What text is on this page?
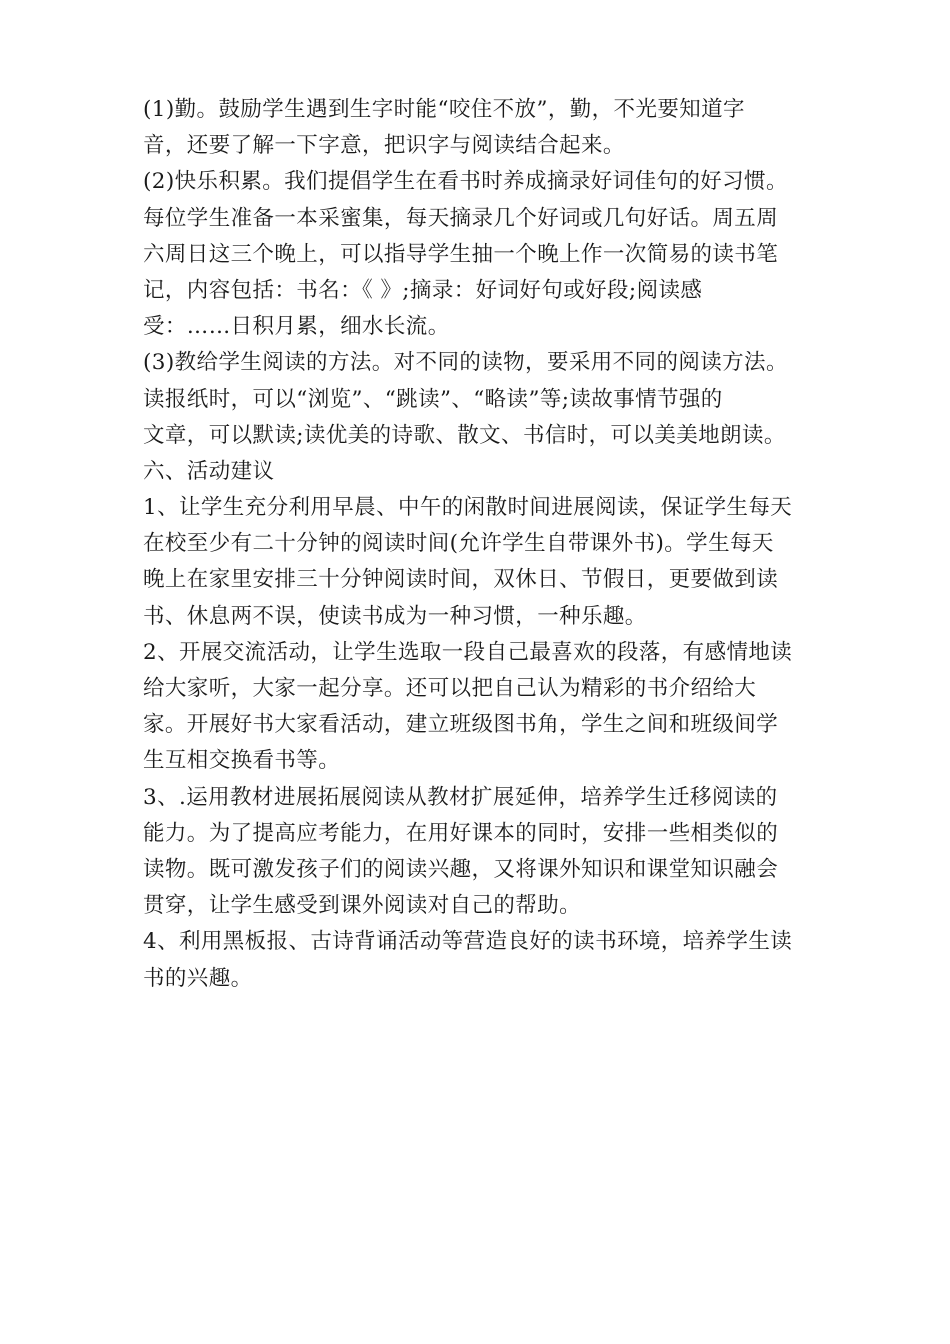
(1)勤。鼓励学生遇到生字时能“咬住不放”，勤，不光要知道字
音，还要了解一下字意，把识字与阅读结合起来。
(2)快乐积累。我们提倡学生在看书时养成摘录好词佳句的好习惯。
每位学生准备一本采蜜集，每天摘录几个好词或几句好话。周五周
六周日这三个晚上，可以指导学生抽一个晚上作一次简易的读书笔
记，内容包括：书名：《 》;摘录：好词好句或好段;阅读感
受：……日积月累，细水长流。
(3)教给学生阅读的方法。对不同的读物，要采用不同的阅读方法。
读报纸时，可以“浏览”、“跳读”、“略读”等;读故事情节强的
文章，可以默读;读优美的诗歌、散文、书信时，可以美美地朗读。
六、活动建议
1、让学生充分利用早晨、中午的闲散时间进展阅读，保证学生每天
在校至少有二十分钟的阅读时间(允许学生自带课外书)。学生每天
晚上在家里安排三十分钟阅读时间，双休日、节假日，更要做到读
书、休息两不误，使读书成为一种习惯，一种乐趣。
2、开展交流活动，让学生选取一段自己最喜欢的段落，有感情地读
给大家听，大家一起分享。还可以把自己认为精彩的书介绍给大
家。开展好书大家看活动，建立班级图书角，学生之间和班级间学
生互相交换看书等。
3、.运用教材进展拓展阅读从教材扩展延伸，培养学生迁移阅读的
能力。为了提高应考能力，在用好课本的同时，安排一些相类似的
读物。既可激发孩子们的阅读兴趣，又将课外知识和课堂知识融会
贯穿，让学生感受到课外阅读对自己的帮助。
4、利用黑板报、古诗背诵活动等营造良好的读书环境，培养学生读
书的兴趣。
